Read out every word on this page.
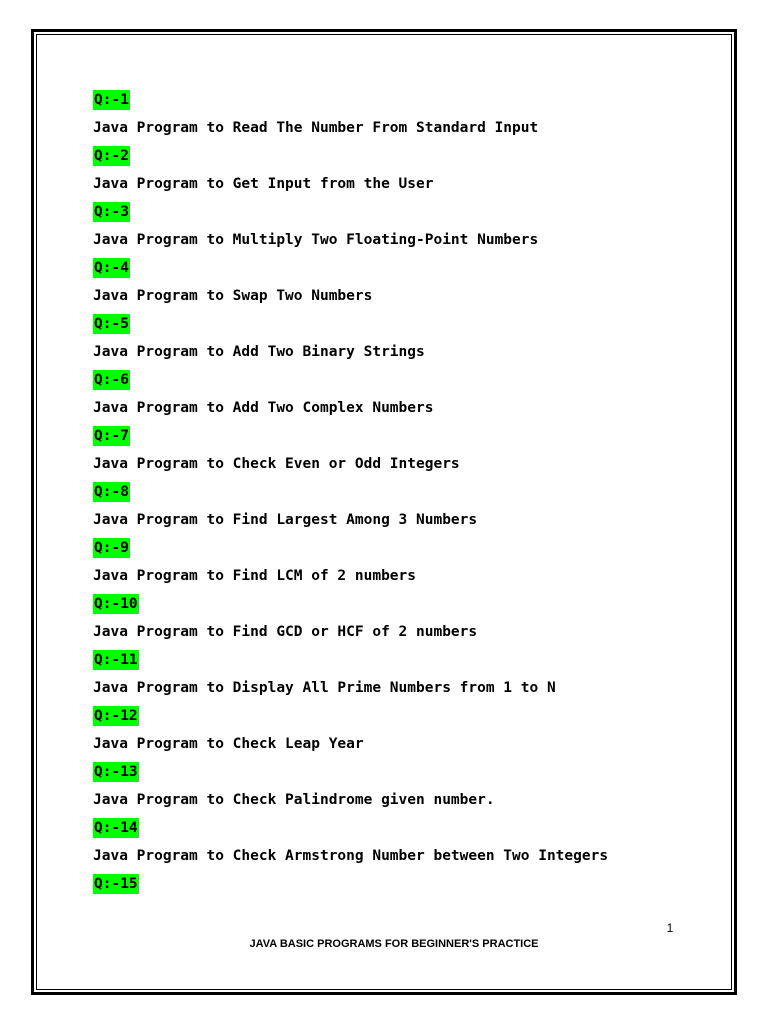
Q:-1
Java Program to Read The Number From Standard Input
Q:-2
Java Program to Get Input from the User
Q:-3
Java Program to Multiply Two Floating-Point Numbers
Q:-4
Java Program to Swap Two Numbers
Q:-5
Java Program to Add Two Binary Strings
Q:-6
Java Program to Add Two Complex Numbers
Q:-7
Java Program to Check Even or Odd Integers
Q:-8
Java Program to Find Largest Among 3 Numbers
Q:-9
Java Program to Find LCM of 2 numbers
Q:-10
Java Program to Find GCD or HCF of 2 numbers
Q:-11
Java Program to Display All Prime Numbers from 1 to N
Q:-12
Java Program to Check Leap Year
Q:-13
Java Program to Check Palindrome given number.
Q:-14
Java Program to Check Armstrong Number between Two Integers
Q:-15
1
JAVA BASIC PROGRAMS FOR BEGINNER'S PRACTICE
